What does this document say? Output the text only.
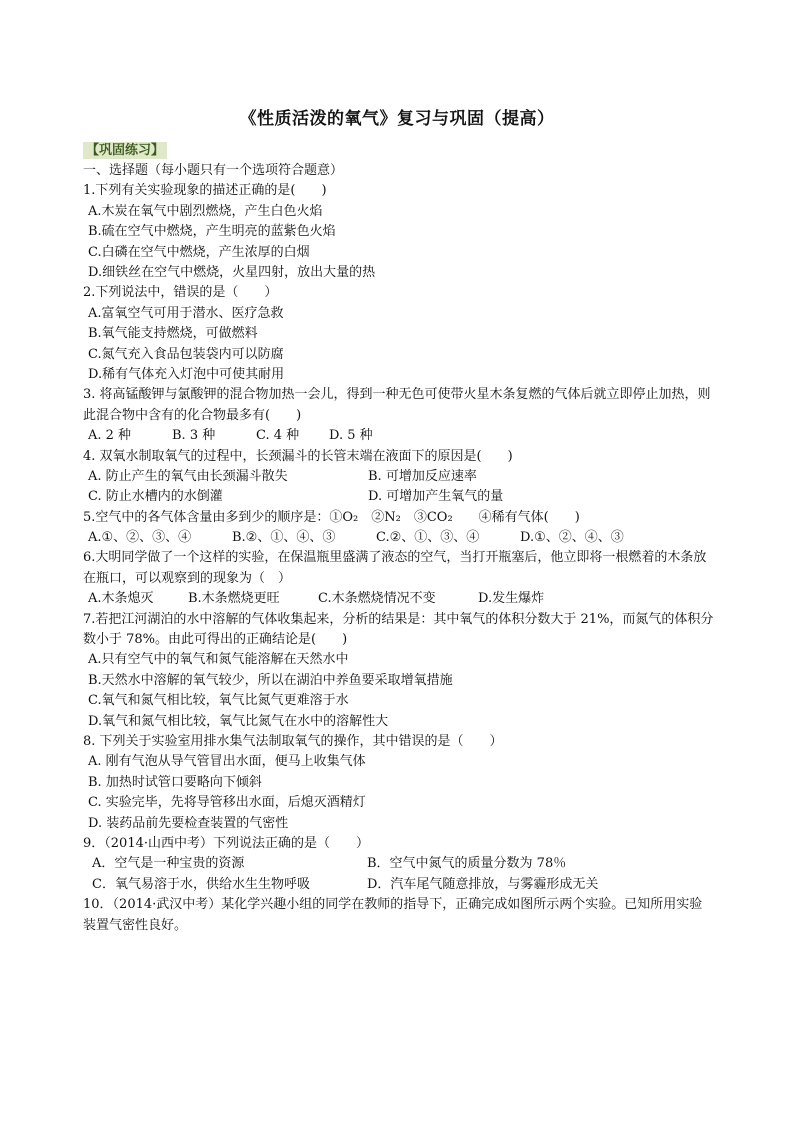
《性质活泼的氧气》复习与巩固（提高）
【巩固练习】
一、选择题（每小题只有一个选项符合题意）
1.下列有关实验现象的描述正确的是(　　)
A.木炭在氧气中剧烈燃烧，产生白色火焰
B.硫在空气中燃烧，产生明亮的蓝紫色火焰
C.白磷在空气中燃烧，产生浓厚的白烟
D.细铁丝在空气中燃烧，火星四射，放出大量的热
2.下列说法中，错误的是（　　）
A.富氧空气可用于潜水、医疗急救
B.氧气能支持燃烧，可做燃料
C.氮气充入食品包装袋内可以防腐
D.稀有气体充入灯泡中可使其耐用
3. 将高锰酸钾与氯酸钾的混合物加热一会儿，得到一种无色可使带火星木条复燃的气体后就立即停止加热，则此混合物中含有的化合物最多有(　　)
A. 2 种	B. 3 种	C. 4 种	D. 5 种
4. 双氧水制取氧气的过程中，长颈漏斗的长管末端在液面下的原因是(　　)
A. 防止产生的氧气由长颈漏斗散失	B. 可增加反应速率
C. 防止水槽内的水倒灌	D. 可增加产生氧气的量
5.空气中的各气体含量由多到少的顺序是：①O₂　②N₂　③CO₂　　④稀有气体(　　)
A.①、②、③、④	B.②、①、④、③	C.②、①、③、④	D.①、②、④、③
6.大明同学做了一个这样的实验，在保温瓶里盛满了液态的空气，当打开瓶塞后，他立即将一根燃着的木条放在瓶口，可以观察到的现象为（　）
A.木条熄灭	B.木条燃烧更旺	C.木条燃烧情况不变	D.发生爆炸
7.若把江河湖泊的水中溶解的气体收集起来，分析的结果是：其中氧气的体积分数大于 21%，而氮气的体积分数小于 78%。由此可得出的正确结论是(　　)
A.只有空气中的氧气和氮气能溶解在天然水中
B.天然水中溶解的氧气较少，所以在湖泊中养鱼要采取增氧措施
C.氧气和氮气相比较，氧气比氮气更难溶于水
D.氧气和氮气相比较，氧气比氮气在水中的溶解性大
8. 下列关于实验室用排水集气法制取氧气的操作，其中错误的是（　　）
A. 刚有气泡从导气管冒出水面，便马上收集气体
B. 加热时试管口要略向下倾斜
C. 实验完毕，先将导管移出水面，后熄灭酒精灯
D. 装药品前先要检查装置的气密性
9．（2014·山西中考）下列说法正确的是（　　）
A．空气是一种宝贵的资源	B．空气中氮气的质量分数为 78％
C．氧气易溶于水，供给水生生物呼吸	D．汽车尾气随意排放，与雾霾形成无关
10．（2014·武汉中考）某化学兴趣小组的同学在教师的指导下，正确完成如图所示两个实验。已知所用实验装置气密性良好。
